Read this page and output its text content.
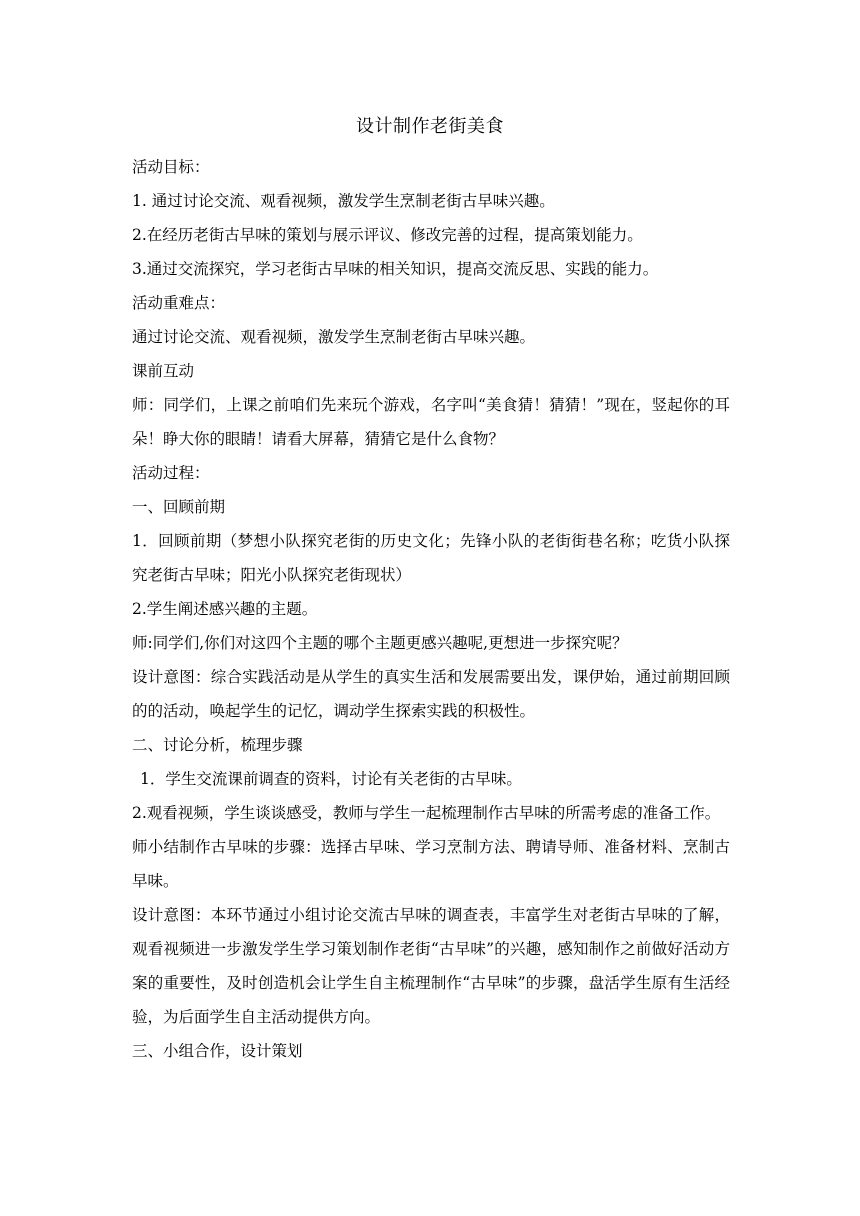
设计制作老街美食

活动目标：

1. 通过讨论交流、观看视频，激发学生烹制老街古早味兴趣。

2.在经历老街古早味的策划与展示评议、修改完善的过程，提高策划能力。

3.通过交流探究，学习老街古早味的相关知识，提高交流反思、实践的能力。

活动重难点：

通过讨论交流、观看视频，激发学生烹制老街古早味兴趣。

课前互动

师：同学们，上课之前咱们先来玩个游戏，名字叫“美食猜！猜猜！”现在，竖起你的耳朵！睁大你的眼睛！请看大屏幕，猜猜它是什么食物？

活动过程：

一、回顾前期

1．回顾前期（梦想小队探究老街的历史文化；先锋小队的老街街巷名称；吃货小队探究老街古早味；阳光小队探究老街现状）

2.学生阐述感兴趣的主题。

师:同学们,你们对这四个主题的哪个主题更感兴趣呢,更想进一步探究呢？

设计意图：综合实践活动是从学生的真实生活和发展需要出发，课伊始，通过前期回顾的的活动，唤起学生的记忆，调动学生探索实践的积极性。

二、讨论分析，梳理步骤

1．学生交流课前调查的资料，讨论有关老街的古早味。

2.观看视频，学生谈谈感受，教师与学生一起梳理制作古早味的所需考虑的准备工作。

师小结制作古早味的步骤：选择古早味、学习烹制方法、聘请导师、准备材料、烹制古早味。

设计意图：本环节通过小组讨论交流古早味的调查表，丰富学生对老街古早味的了解，观看视频进一步激发学生学习策划制作老街“古早味”的兴趣，感知制作之前做好活动方案的重要性，及时创造机会让学生自主梳理制作“古早味”的步骤，盘活学生原有生活经验，为后面学生自主活动提供方向。

三、小组合作，设计策划
